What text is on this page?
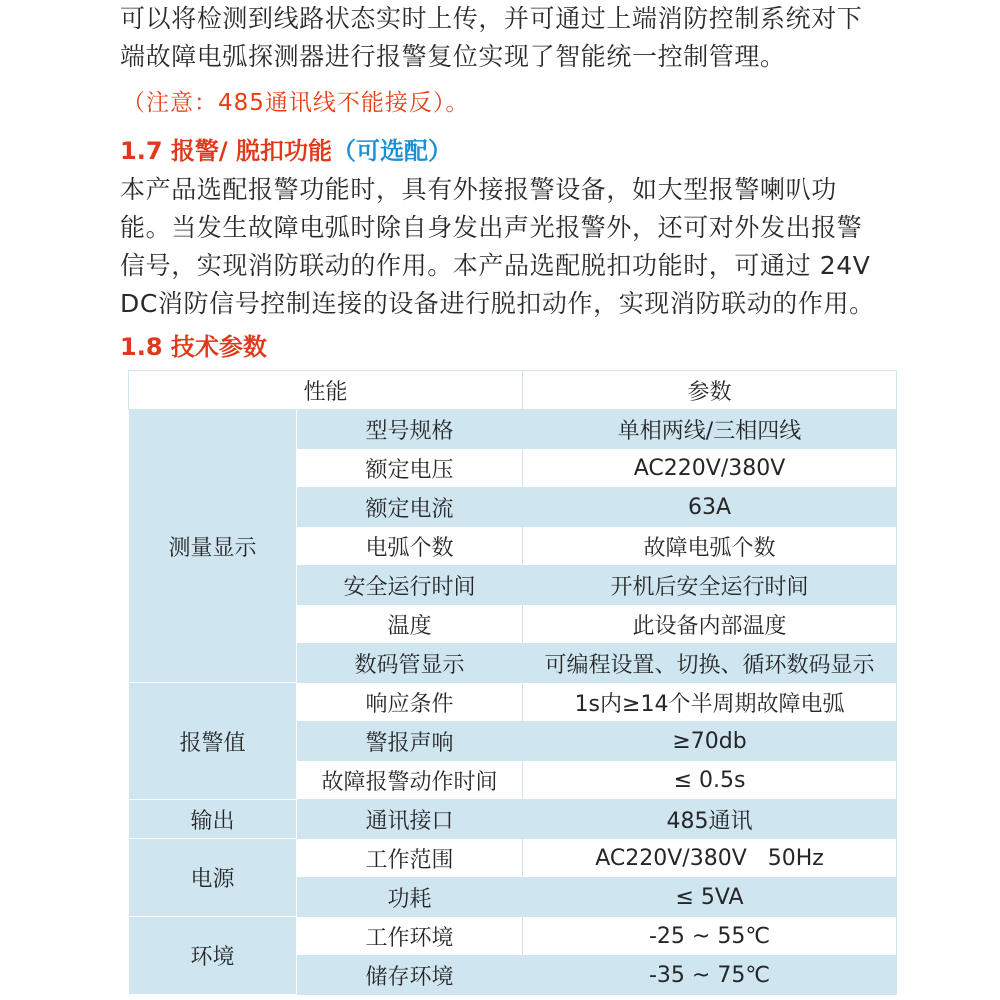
可以将检测到线路状态实时上传，并可通过上端消防控制系统对下
端故障电弧探测器进行报警复位实现了智能统一控制管理。
（注意：485通讯线不能接反）。
1.7 报警/ 脱扣功能（可选配）
本产品选配报警功能时，具有外接报警设备，如大型报警喇叭功
能。当发生故障电弧时除自身发出声光报警外，还可对外发出报警
信号，实现消防联动的作用。本产品选配脱扣功能时，可通过 24V
DC消防信号控制连接的设备进行脱扣动作，实现消防联动的作用。
1.8 技术参数
性能		参数
测量显示	型号规格	单相两线/三相四线
	额定电压	AC220V/380V
	额定电流	63A
	电弧个数	故障电弧个数
	安全运行时间	开机后安全运行时间
	温度	此设备内部温度
	数码管显示	可编程设置、切换、循环数码显示
报警值	响应条件	1s内≥14个半周期故障电弧
	警报声响	≥70db
	故障报警动作时间	≤ 0.5s
输出	通讯接口	485通讯
电源	工作范围	AC220V/380V   50Hz
	功耗	≤ 5VA
环境	工作环境	-25 ~ 55℃
	储存环境	-35 ~ 75℃
